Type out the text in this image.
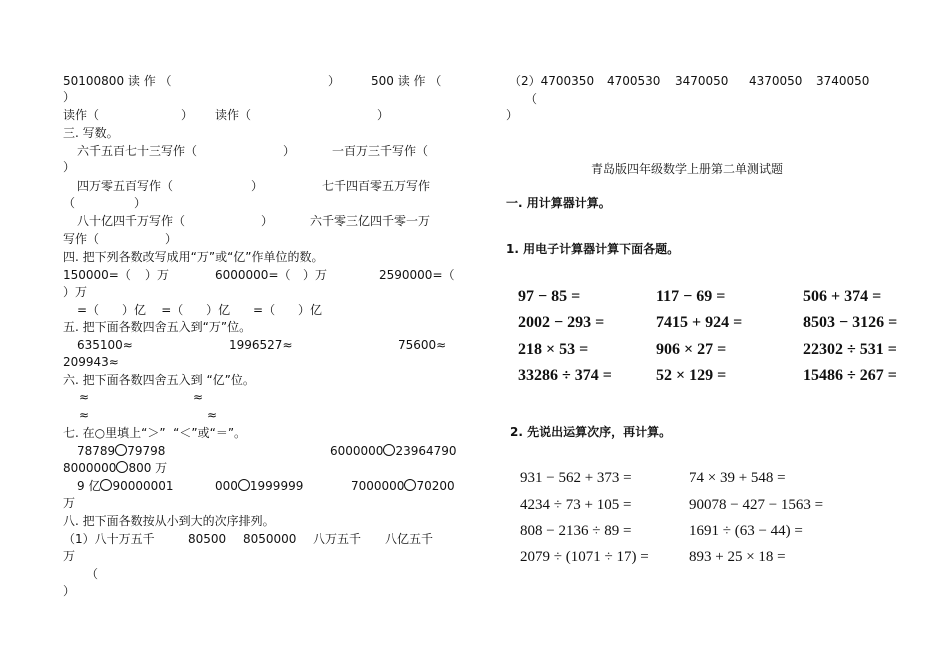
50100800 读 作 （	）	500 读 作 （
）
读作（	） 读作（	）
三. 写数。
六千五百七十三写作（	）	一百万三千写作（
）
四万零五百写作（	）	七千四百零五万写作
（	）
八十亿四千万写作（	）	六千零三亿四千零一万
写作（	）
四. 把下列各数改写成用“万”或“亿”作单位的数。
150000=（ ）万	6000000=（ ）万	2590000=（
）万
=（      ）亿    =（      ）亿      =（      ）亿
五. 把下面各数四舍五入到“万”位。
635100≈	1996527≈	75600≈
209943≈
六. 把下面各数四舍五入到 “亿”位。
≈	≈
≈	≈
七. 在○里填上“＞”  “＜”或“＝”。
78789 79798	6000000 23964790
8000000 800 万
9 亿 90000001	000 1999999	7000000 70200
万
八. 把下面各数按从小到大的次序排列。
（1）八十万五千	80500 8050000 八万五千 八亿五千
万
（
）
（2）4700350 4700530 3470050 4370050 3740050
（
）
青岛版四年级数学上册第二单测试题
一. 用计算器计算。
1. 用电子计算器计算下面各题。
97 − 85 =	117 − 69 =	506 + 374 =
2002 − 293 =	7415 + 924 =	8503 − 3126 =
218 × 53 =	906 × 27 =	22302 ÷ 531 =
33286 ÷ 374 =	52 × 129 =	15486 ÷ 267 =
2. 先说出运算次序，再计算。
931 − 562 + 373 =	74 × 39 + 548 =
4234 ÷ 73 + 105 =	90078 − 427 − 1563 =
808 − 2136 ÷ 89 =	1691 ÷ (63 − 44) =
2079 ÷ (1071 ÷ 17) =	893 + 25 × 18 =
